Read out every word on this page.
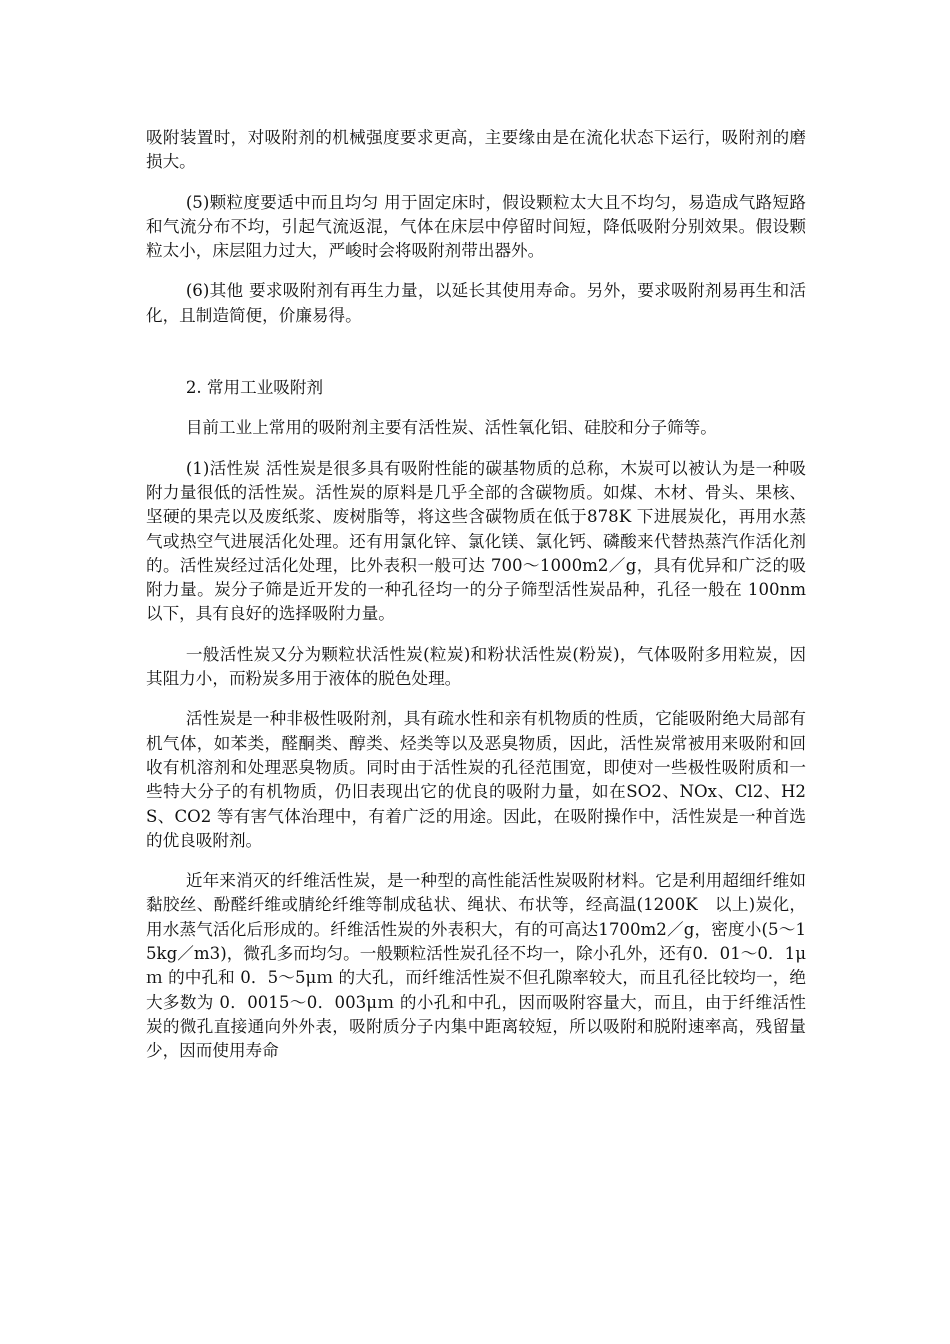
吸附装置时，对吸附剂的机械强度要求更高，主要缘由是在流化状态下运行，吸附剂的磨损大。

(5)颗粒度要适中而且均匀 用于固定床时，假设颗粒太大且不均匀，易造成气路短路和气流分布不均，引起气流返混，气体在床层中停留时间短，降低吸附分别效果。假设颗粒太小，床层阻力过大，严峻时会将吸附剂带出器外。

(6)其他 要求吸附剂有再生力量，以延长其使用寿命。另外，要求吸附剂易再生和活化，且制造简便，价廉易得。

2. 常用工业吸附剂

目前工业上常用的吸附剂主要有活性炭、活性氧化铝、硅胶和分子筛等。

(1)活性炭 活性炭是很多具有吸附性能的碳基物质的总称，木炭可以被认为是一种吸附力量很低的活性炭。活性炭的原料是几乎全部的含碳物质。如煤、木材、骨头、果核、坚硬的果壳以及废纸浆、废树脂等，将这些含碳物质在低于878K 下进展炭化，再用水蒸气或热空气进展活化处理。还有用氯化锌、氯化镁、氯化钙、磷酸来代替热蒸汽作活化剂的。活性炭经过活化处理，比外表积一般可达 700～1000m2／g，具有优异和广泛的吸附力量。炭分子筛是近开发的一种孔径均一的分子筛型活性炭品种，孔径一般在 100nm 以下，具有良好的选择吸附力量。

一般活性炭又分为颗粒状活性炭(粒炭)和粉状活性炭(粉炭)，气体吸附多用粒炭，因其阻力小，而粉炭多用于液体的脱色处理。

活性炭是一种非极性吸附剂，具有疏水性和亲有机物质的性质，它能吸附绝大局部有机气体，如苯类，醛酮类、醇类、烃类等以及恶臭物质，因此，活性炭常被用来吸附和回收有机溶剂和处理恶臭物质。同时由于活性炭的孔径范围宽，即使对一些极性吸附质和一些特大分子的有机物质，仍旧表现出它的优良的吸附力量，如在SO2、NOx、Cl2、H2S、CO2 等有害气体治理中，有着广泛的用途。因此，在吸附操作中，活性炭是一种首选的优良吸附剂。

近年来消灭的纤维活性炭，是一种型的高性能活性炭吸附材料。它是利用超细纤维如黏胶丝、酚醛纤维或腈纶纤维等制成毡状、绳状、布状等，经高温(1200K　以上)炭化，用水蒸气活化后形成的。纤维活性炭的外表积大，有的可高达1700m2／g，密度小(5～15kg／m3)，微孔多而均匀。一般颗粒活性炭孔径不均一，除小孔外，还有0．01～0．1μｍ 的中孔和 0．5～5μｍ 的大孔，而纤维活性炭不但孔隙率较大，而且孔径比较均一，绝大多数为 0．0015～0．003μｍ 的小孔和中孔，因而吸附容量大，而且，由于纤维活性炭的微孔直接通向外外表，吸附质分子内集中距离较短，所以吸附和脱附速率高，残留量少，因而使用寿命
